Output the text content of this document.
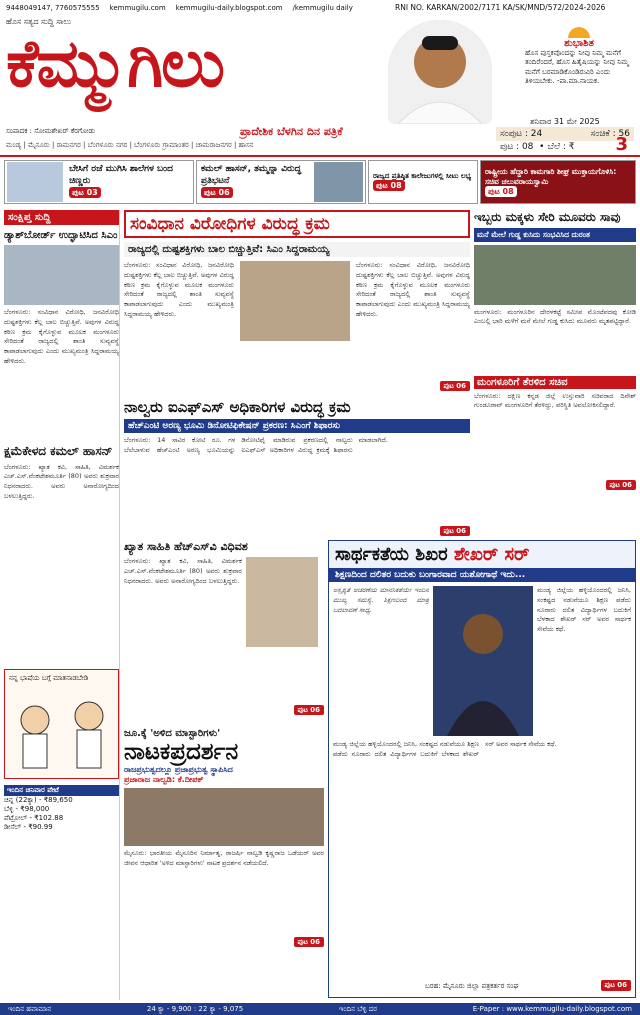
9448049147, 7760575555 kemmugilu.com kemmugilu-daily.blogspot.com /kemmugilu daily	RNI NO. KARKAN/2002/7171 KA/SK/MND/572/2024-2026
ಹೊಸ ಸತ್ಯದ ಸುದ್ದಿ ಸಾಲು
ಕೆಮ್ಮುಗಿಲು
ಪ್ರಾದೇಶಿಕ ಬೆಳಗಿನ ದಿನ ಪತ್ರಿಕೆ
ಸಂಪಾದಕ : ಸೋಮಶೇಖರ್ ಕೆರಗೋಡು
ಮಂಡ್ಯ | ಮೈಸೂರು | ರಾಮನಗರ | ಬೆಂಗಳೂರು ನಗರ | ಬೆಂಗಳೂರು ಗ್ರಾಮಾಂತರ | ಚಾಮರಾಜನಗರ | ಹಾಸನ
ಶುಭಾಶಿತ
ಹೊಸ ಪುಸ್ತಕವೊಂದನ್ನು ನೀವು ನಿಮ್ಮ ಮನೆಗೆ ತಂದಿರೆಂದರೆ, ಹೊಸ ಹಿತೈಷಿಯನ್ನು ನೀವು ನಿಮ್ಮ ಮನೆಗೆ ಬರಮಾಡಿಕೊಂಡಿರುವಿರಿ ಎಂದು ತಿಳಿಯಬೇಕು. -ಪಾ.ಮಾ.ನಾಯಕ.
ಶನಿವಾರ 31 ಮೇ 2025
ಸಂಪುಟ : 24	ಸಂಚಿಕೆ : 56
ಪುಟ : 08  • ಬೆಲೆ : ₹ 3
ಬೇಸಿಗೆ ರಜೆ ಮುಗಿಸಿ ಶಾಲೆಗಳ ಬಂದ ಚಿಣ್ಣರು
ಪುಟ 03
ಕಮಲ್ ಹಾಸನ್, ತಮ್ಮನ್ನಾ ವಿರುದ್ಧ ಪ್ರತಿಭಟನೆ
ಪುಟ 06
ರಾಜ್ಯದ ಪ್ರತಿಷ್ಠಿತ ಕಾಲೇಜುಗಳಲ್ಲಿ ಸೀಟು ಲಭ್ಯ
ಪುಟ 08
ರಾಷ್ಟ್ರೀಯ ಹೆದ್ದಾರಿ ಕಾಮಗಾರಿ ಶೀಘ್ರ ಮುಕ್ತಾಯಗೊಳಿಸಿ: ಸಚಿವ ಚಲುವರಾಯಸ್ವಾಮಿ
ಪುಟ 08
ಸಂಕ್ಷಿಪ್ತ ಸುದ್ದಿ
ಡ್ಯಾಶ್‌ಬೋರ್ಡ್ ಉದ್ಘಾಟಿಸಿದ ಸಿಎಂ
ಬೆಂಗಳೂರು: ಸಂವಿಧಾನ ವಿರೋಧಿ, ಜನವಿರೋಧಿ ದುಷ್ಟಶಕ್ತಿಗಳು ಕೆಲ್ಲ ಬಾಲ ಬಿಚ್ಚುತ್ತಿವೆ. ಅವುಗಳ ವಿರುದ್ಧ ಕಠಿಣ ಕ್ರಮ ಕೈಗೊಳ್ಳುವ ಮೂಲಕ ಮಂಗಳೂರು ಸೇರಿದಂತೆ ರಾಜ್ಯದಲ್ಲಿ ಶಾಂತಿ ಸುವ್ಯವಸ್ಥೆ ಕಾಪಾಡಲಾಗುವುದು ಎಂದು ಮುಖ್ಯಮಂತ್ರಿ ಸಿದ್ದರಾಮಯ್ಯ ಹೇಳಿದರು.
ಕ್ಷಮೆಕೇಳದ ಕಮಲ್ ಹಾಸನ್
ಬೆಂಗಳೂರು: ಖ್ಯಾತ ಕವಿ, ಸಾಹಿತಿ, ವಿಮರ್ಶಕ ಎಚ್.ಎಸ್.ವೆಂಕಟೇಶಮೂರ್ತಿ (80) ಅವರು ಶುಕ್ರವಾರ ನಿಧನರಾದರು. ಅವರು ಅನಾರೋಗ್ಯದಿಂದ ಬಳಲುತ್ತಿದ್ದರು.
ನನ್ನ ಭಾಷೆಯ ಬಗ್ಗೆ ಮಾತನಾಡಬೇಡಿ
ಇಂದಿನ ಚಿನಿವಾರ ಪೇಟೆ
ಚಿನ್ನ (22ಕ್ಯಾ) - ₹89,650
ಬೆಳ್ಳಿ - ₹98,000
ಪೆಟ್ರೋಲ್ - ₹102.88
ಡೀಸೆಲ್ - ₹90.99
ಸಂವಿಧಾನ ವಿರೋಧಿಗಳ ವಿರುದ್ಧ ಕ್ರಮ
ರಾಜ್ಯದಲ್ಲಿ ದುಷ್ಟಶಕ್ತಿಗಳು ಬಾಲ ಬಿಚ್ಚುತ್ತಿವೆ: ಸಿಎಂ ಸಿದ್ದರಾಮಯ್ಯ
ಬೆಂಗಳೂರು: ಸಂವಿಧಾನ ವಿರೋಧಿ, ಜನವಿರೋಧಿ ದುಷ್ಟಶಕ್ತಿಗಳು ಕೆಲ್ಲ ಬಾಲ ಬಿಚ್ಚುತ್ತಿವೆ. ಅವುಗಳ ವಿರುದ್ಧ ಕಠಿಣ ಕ್ರಮ ಕೈಗೊಳ್ಳುವ ಮೂಲಕ ಮಂಗಳೂರು ಸೇರಿದಂತೆ ರಾಜ್ಯದಲ್ಲಿ ಶಾಂತಿ ಸುವ್ಯವಸ್ಥೆ ಕಾಪಾಡಲಾಗುವುದು ಎಂದು ಮುಖ್ಯಮಂತ್ರಿ ಸಿದ್ದರಾಮಯ್ಯ ಹೇಳಿದರು.
ಬೆಂಗಳೂರು: ಸಂವಿಧಾನ ವಿರೋಧಿ, ಜನವಿರೋಧಿ ದುಷ್ಟಶಕ್ತಿಗಳು ಕೆಲ್ಲ ಬಾಲ ಬಿಚ್ಚುತ್ತಿವೆ. ಅವುಗಳ ವಿರುದ್ಧ ಕಠಿಣ ಕ್ರಮ ಕೈಗೊಳ್ಳುವ ಮೂಲಕ ಮಂಗಳೂರು ಸೇರಿದಂತೆ ರಾಜ್ಯದಲ್ಲಿ ಶಾಂತಿ ಸುವ್ಯವಸ್ಥೆ ಕಾಪಾಡಲಾಗುವುದು ಎಂದು ಮುಖ್ಯಮಂತ್ರಿ ಸಿದ್ದರಾಮಯ್ಯ ಹೇಳಿದರು.
ಪುಟ 06
ನಾಲ್ವರು ಐಎಫ್‌ಎಸ್ ಅಧಿಕಾರಿಗಳ ವಿರುದ್ಧ ಕ್ರಮ
ಹೆಚ್‌ಎಂಟಿ ಅರಣ್ಯ ಭೂಮಿ ಡಿನೋಟಿಫಿಕೇಷನ್ ಪ್ರಕರಣ: ಸಿಎಂಗೆ ಶಿಫಾರಸು
ಬೆಂಗಳೂರು: 14 ಸಾವಿರ ಕೋಟಿ ರೂ. ಗಳ ಬೆಲೆಬಾಳುವ ಹೆಚ್‌ಎಂಟಿ ಅರಣ್ಯ ಭೂಮಿಯನ್ನು ಡಿನೋಟಿಫೈ ಮಾಡಿರುವ ಪ್ರಕರಣದಲ್ಲಿ ನಾಲ್ವರು ಐಎಫ್‌ಎಸ್ ಅಧಿಕಾರಿಗಳ ವಿರುದ್ಧ ಕ್ರಮಕ್ಕೆ ಶಿಫಾರಸು ಮಾಡಲಾಗಿದೆ.
ಪುಟ 06
ಇಬ್ಬರು ಮಕ್ಕಳು ಸೇರಿ ಮೂವರು ಸಾವು
ಮನೆ ಮೇಲೆ ಗುಡ್ಡ ಕುಸಿದು ಸಂಭವಿಸಿದ ದುರಂತ
ಮಂಗಳೂರು: ಮಂಗಳೂರಿನ ದೇರಳಕಟ್ಟೆ ಸಮೀಪ ಮೊಂಟೆಪದವು ಕೋಡಿ ಎಂಬಲ್ಲಿ ಭಾರಿ ಮಳೆಗೆ ಮನೆ ಮೇಲೆ ಗುಡ್ಡ ಕುಸಿದು ಮೂವರು ಮೃತಪಟ್ಟಿದ್ದಾರೆ.
ಮಂಗಳೂರಿಗೆ ತೆರಳಿದ ಸಚಿವ
ಬೆಂಗಳೂರು: ದಕ್ಷಿಣ ಕನ್ನಡ ಜಿಲ್ಲೆ ಉಸ್ತುವಾರಿ ಸಚಿವರಾದ ದಿನೇಶ್ ಗುಂಡೂರಾವ್ ಮಂಗಳೂರಿಗೆ ತೆರಳಿದ್ದು, ಪರಿಸ್ಥಿತಿ ಅವಲೋಕಿಸಲಿದ್ದಾರೆ.
ಪುಟ 06
ಖ್ಯಾತ ಸಾಹಿತಿ ಹೆಚ್‌ಎಸ್‌ವಿ ವಿಧಿವಶ
ಬೆಂಗಳೂರು: ಖ್ಯಾತ ಕವಿ, ಸಾಹಿತಿ, ವಿಮರ್ಶಕ ಎಚ್.ಎಸ್.ವೆಂಕಟೇಶಮೂರ್ತಿ (80) ಅವರು ಶುಕ್ರವಾರ ನಿಧನರಾದರು. ಅವರು ಅನಾರೋಗ್ಯದಿಂದ ಬಳಲುತ್ತಿದ್ದರು.
ಪುಟ 06
ಜೂ.ಕ್ಕೆ 'ಅಳಿದ ಮಾಸ್ಟಾರಿಗಳು'
ನಾಟಕಪ್ರದರ್ಶನ
ರಾಜಪ್ರಭುತ್ವದಲ್ಲೂ ಪ್ರಜಾಪ್ರಭುತ್ವ ಸ್ಥಾಪಿಸಿದ
ಪ್ರಜಾರಾಜ ನಾಲ್ವಡಿ: ಕೆ.ದೀಪಕ್
ಮೈಸೂರು: ಭಾರತೀಯ ಮೈಸೂರಿನ ನಿರ್ಮಾತೃ, ರಾಜರ್ಷಿ ನಾಲ್ವಡಿ ಕೃಷ್ಣರಾಜ ಒಡೆಯರ್ ಅವರ ಜೀವನ ಆಧಾರಿತ 'ಅಳಿದ ಮಾಸ್ಟಾರಿಗಳು' ನಾಟಕ ಪ್ರದರ್ಶನ ನಡೆಯಲಿದೆ.
ಪುಟ 06
ಸಾರ್ಥಕತೆಯ ಶಿಖರ ಶೇಖರ್ ಸರ್
ಶಿಕ್ಷಣದಿಂದ ದಲಿತರ ಬದುಕು ಬಂಗಾರವಾದ ಯಶೋಗಾಥೆ ಇದು...
ಅಸ್ಪೃಶ್ಯತೆ ಆಚರಣೆಯ ಮಾನಸಿಕತೆಯೇ ಇಂದಿನ ಮುಖ್ಯ ಸಮಸ್ಯೆ. ಶಿಕ್ಷಣದಿಂದ ಮಾತ್ರ ಬದಲಾವಣೆ ಸಾಧ್ಯ.
ಮಂಡ್ಯ ಜಿಲ್ಲೆಯ ಹಳ್ಳಿಯೊಂದರಲ್ಲಿ ಜನಿಸಿ, ಸಂಕಷ್ಟದ ನಡುವೆಯೂ ಶಿಕ್ಷಣ ಪಡೆದು ನೂರಾರು ದಲಿತ ವಿದ್ಯಾರ್ಥಿಗಳ ಬದುಕಿಗೆ ಬೆಳಕಾದ ಶೇಖರ್ ಸರ್ ಅವರ ಸಾರ್ಥಕ ಸೇವೆಯ ಕಥೆ.
ಮಂಡ್ಯ ಜಿಲ್ಲೆಯ ಹಳ್ಳಿಯೊಂದರಲ್ಲಿ ಜನಿಸಿ, ಸಂಕಷ್ಟದ ನಡುವೆಯೂ ಶಿಕ್ಷಣ ಪಡೆದು ನೂರಾರು ದಲಿತ ವಿದ್ಯಾರ್ಥಿಗಳ ಬದುಕಿಗೆ ಬೆಳಕಾದ ಶೇಖರ್ ಸರ್ ಅವರ ಸಾರ್ಥಕ ಸೇವೆಯ ಕಥೆ.
ಬರಹ: ಮೈಸೂರು ಜಿಲ್ಲಾ ಪತ್ರಕರ್ತರ ಸಂಘ	ಪುಟ 06
ಇಂದಿನ ಹವಾಮಾನ	24 ಕ್ಯಾ - 9,900 : 22 ಕ್ಯಾ - 9,075	ಇಂದಿನ ಬೆಳ್ಳಿ ದರ	E-Paper : www.kemmugilu-daily.blogspot.com
